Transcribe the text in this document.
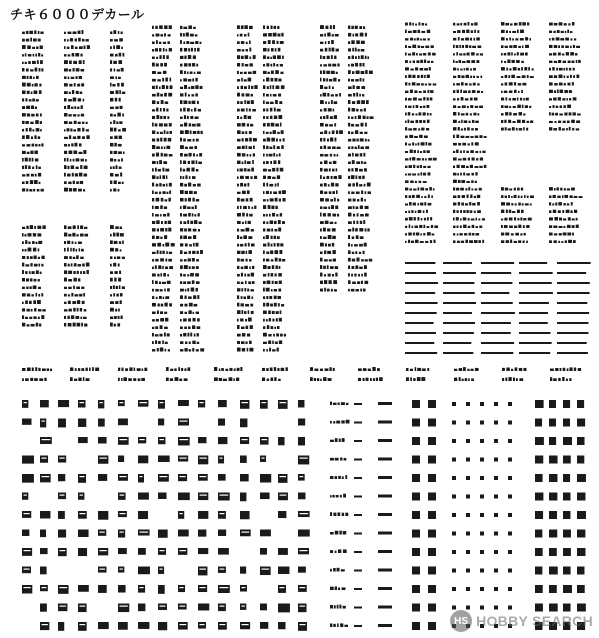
チキ６０００デカール
HS HOBBY SEARCH
